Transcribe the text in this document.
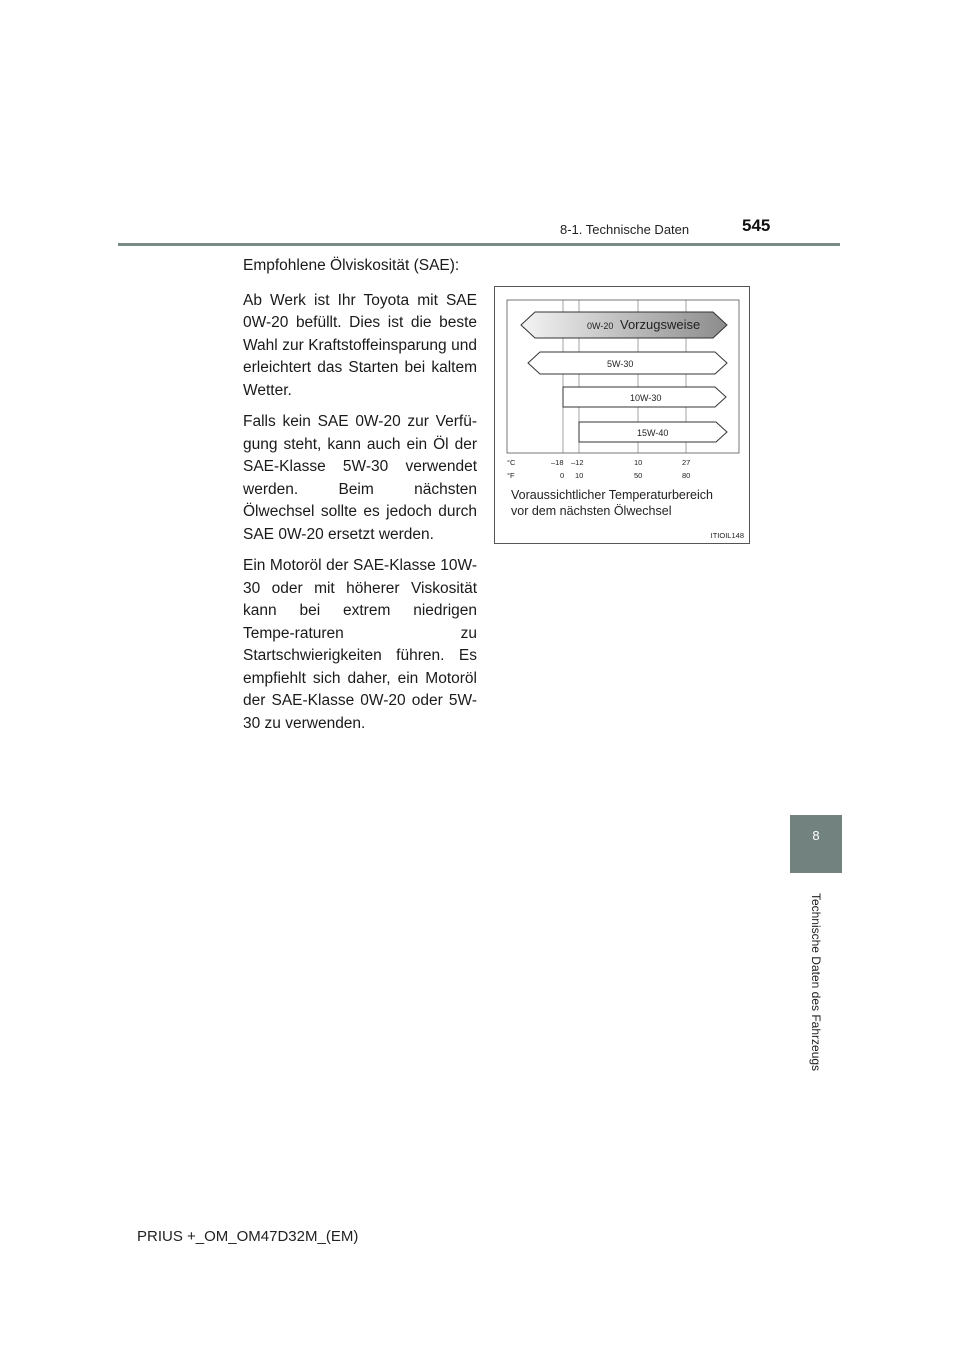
8-1. Technische Daten	545

Empfohlene Ölviskosität (SAE):

Ab Werk ist Ihr Toyota mit SAE 0W-20 befüllt. Dies ist die beste Wahl zur Kraftstoffeinsparung und erleichtert das Starten bei kaltem Wetter.

Falls kein SAE 0W-20 zur Verfü-gung steht, kann auch ein Öl der SAE-Klasse 5W-30 verwendet werden. Beim nächsten Ölwechsel sollte es jedoch durch SAE 0W-20 ersetzt werden.

Ein Motoröl der SAE-Klasse 10W-30 oder mit höherer Viskosität kann bei extrem niedrigen Tempe-raturen zu Startschwierigkeiten führen. Es empfiehlt sich daher, ein Motoröl der SAE-Klasse 0W-20 oder 5W-30 zu verwenden.

0W-20 Vorzugsweise
5W-30
10W-30
15W-40
°C
°F
–18 –12	10	27
0 10	50	80
Voraussichtlicher Temperaturbereich
vor dem nächsten Ölwechsel
ITIOIL148
8
Technische Daten des Fahrzeugs
PRIUS +_OM_OM47D32M_(EM)
